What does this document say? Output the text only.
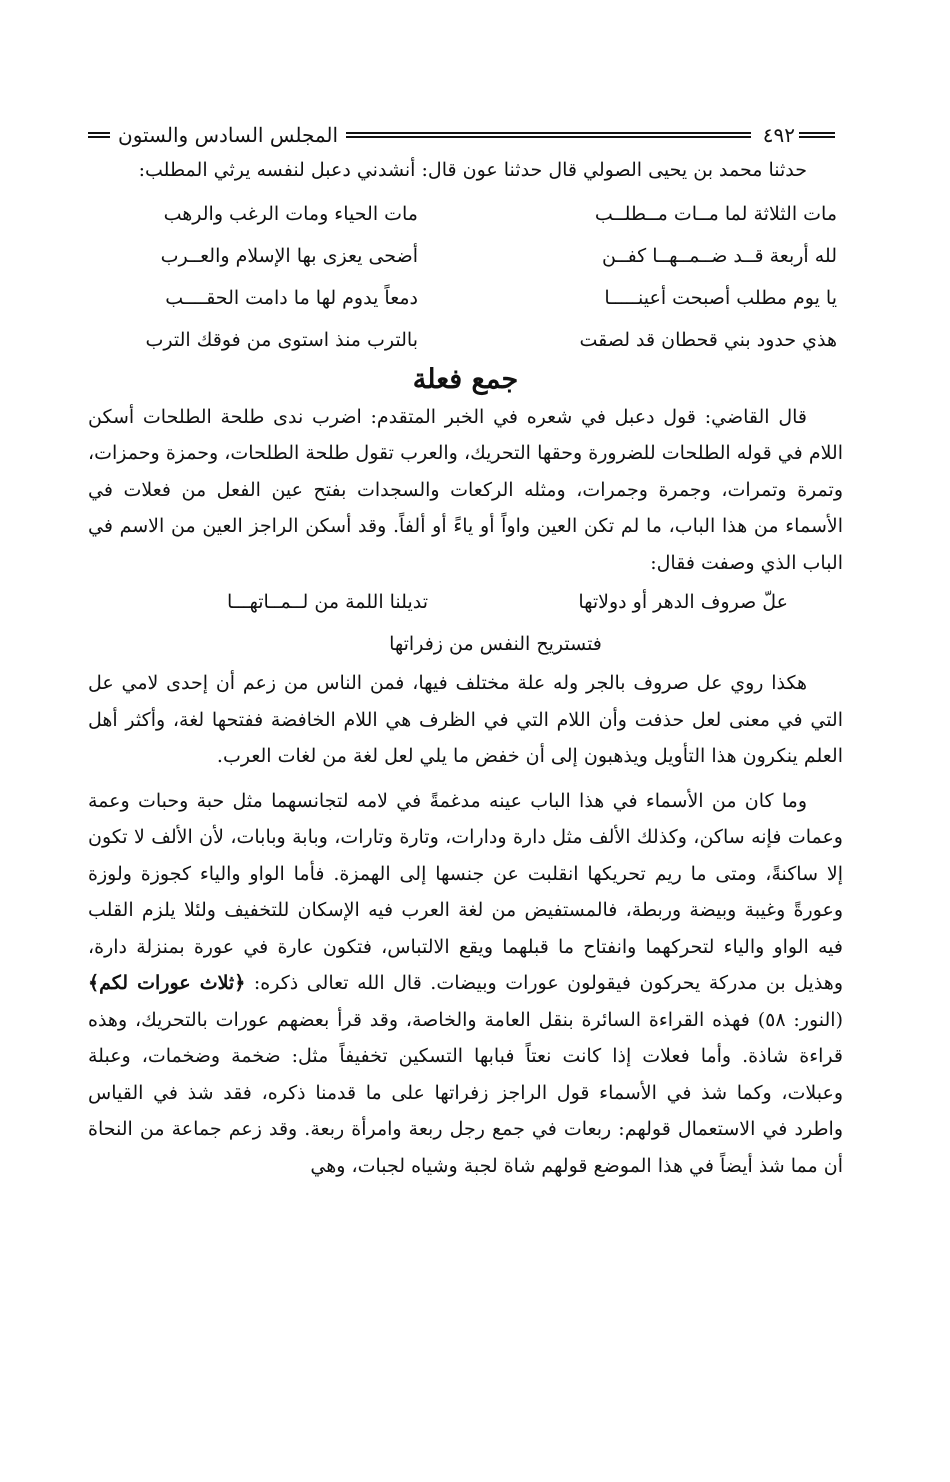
٤٩٢
المجلس السادس والستون

حدثنا محمد بن يحيى الصولي قال حدثنا عون قال: أنشدني دعبل لنفسه يرثي المطلب:

مات الثلاثة لما مــات مــطلــب
مات الحياء ومات الرغب والرهب
لله أربعة قــد ضــمــهــا كفــن
أضحى يعزى بها الإسلام والعــرب
يا يوم مطلب أصبحت أعينـــــا
دمعاً يدوم لها ما دامت الحقــــب
هذي حدود بني قحطان قد لصقت
بالترب منذ استوى من فوقك الترب
جمع فعلة

قال القاضي: قول دعبل في شعره في الخبر المتقدم: اضرب ندى طلحة الطلحات أسكن اللام في قوله الطلحات للضرورة وحقها التحريك، والعرب تقول طلحة الطلحات، وحمزة وحمزات، وتمرة وتمرات، وجمرة وجمرات، ومثله الركعات والسجدات بفتح عين الفعل من فعلات في الأسماء من هذا الباب، ما لم تكن العين واواً أو ياءً أو ألفاً. وقد أسكن الراجز العين من الاسم في الباب الذي وصفت فقال:

علّ صروف الدهر أو دولاتها
تديلنا اللمة من لــمــاتهـــا
فتستريح النفس من زفراتها

هكذا روي عل صروف بالجر وله علة مختلف فيها، فمن الناس من زعم أن إحدى لامي عل التي في معنى لعل حذفت وأن اللام التي في الظرف هي اللام الخافضة ففتحها لغة، وأكثر أهل العلم ينكرون هذا التأويل ويذهبون إلى أن خفض ما يلي لعل لغة من لغات العرب.

وما كان من الأسماء في هذا الباب عينه مدغمةً في لامه لتجانسهما مثل حبة وحبات وعمة وعمات فإنه ساكن، وكذلك الألف مثل دارة ودارات، وتارة وتارات، وبابة وبابات، لأن الألف لا تكون إلا ساكنةً، ومتى ما ريم تحريكها انقلبت عن جنسها إلى الهمزة. فأما الواو والياء كجوزة ولوزة وعورةً وغيبة وبيضة وربطة، فالمستفيض من لغة العرب فيه الإسكان للتخفيف ولئلا يلزم القلب فيه الواو والياء لتحركهما وانفتاح ما قبلهما ويقع الالتباس، فتكون عارة في عورة بمنزلة دارة، وهذيل بن مدركة يحركون فيقولون عورات وبيضات. قال الله تعالى ذكره: ﴿ثلاث عورات لكم﴾ (النور: ٥٨) فهذه القراءة السائرة بنقل العامة والخاصة، وقد قرأ بعضهم عورات بالتحريك، وهذه قراءة شاذة. وأما فعلات إذا كانت نعتاً فبابها التسكين تخفيفاً مثل: ضخمة وضخمات، وعبلة وعبلات، وكما شذ في الأسماء قول الراجز زفراتها على ما قدمنا ذكره، فقد شذ في القياس واطرد في الاستعمال قولهم: ربعات في جمع رجل ربعة وامرأة ربعة. وقد زعم جماعة من النحاة أن مما شذ أيضاً في هذا الموضع قولهم شاة لجبة وشياه لجبات، وهي
